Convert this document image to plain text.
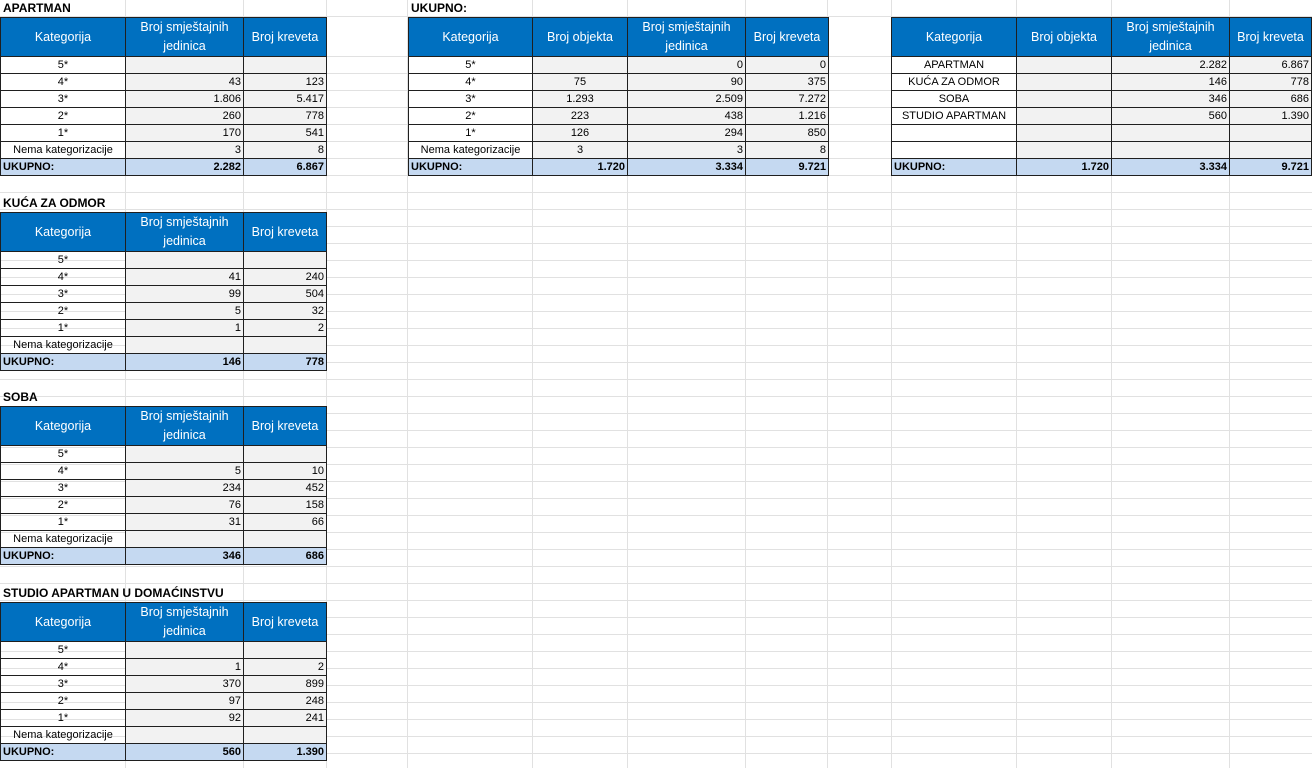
APARTMAN
Kategorija	Broj smještajnih jedinica	Broj kreveta
5*		
4*	43	123
3*	1.806	5.417
2*	260	778
1*	170	541
Nema kategorizacije	3	8
UKUPNO:	2.282	6.867
KUĆA ZA ODMOR
Kategorija	Broj smještajnih jedinica	Broj kreveta
5*		
4*	41	240
3*	99	504
2*	5	32
1*	1	2
Nema kategorizacije		
UKUPNO:	146	778
SOBA
Kategorija	Broj smještajnih jedinica	Broj kreveta
5*		
4*	5	10
3*	234	452
2*	76	158
1*	31	66
Nema kategorizacije		
UKUPNO:	346	686
STUDIO APARTMAN U DOMAĆINSTVU
Kategorija	Broj smještajnih jedinica	Broj kreveta
5*		
4*	1	2
3*	370	899
2*	97	248
1*	92	241
Nema kategorizacije		
UKUPNO:	560	1.390
UKUPNO:
Kategorija	Broj objekta	Broj smještajnih jedinica	Broj kreveta
5*		0	0
4*	75	90	375
3*	1.293	2.509	7.272
2*	223	438	1.216
1*	126	294	850
Nema kategorizacije	3	3	8
UKUPNO:	1.720	3.334	9.721
Kategorija	Broj objekta	Broj smještajnih jedinica	Broj kreveta
APARTMAN		2.282	6.867
KUĆA ZA ODMOR		146	778
SOBA		346	686
STUDIO APARTMAN		560	1.390

UKUPNO:	1.720	3.334	9.721
